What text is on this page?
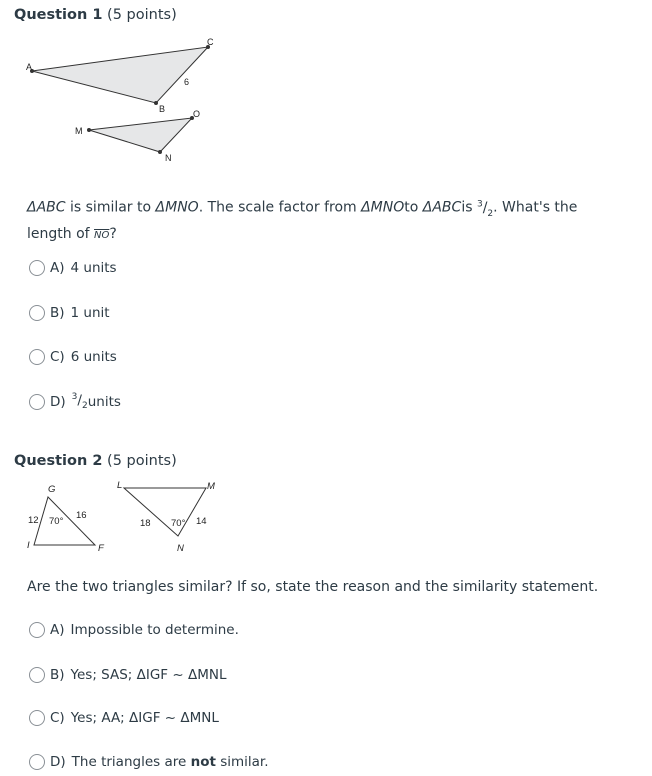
Question 1 (5 points)
A
C
B
6
M
O
N
ΔABC is similar to ΔMNO. The scale factor from ΔMNOto ΔABCis $^3/_2$. What's the
length of $\overline{NO}$?
A) 4 units
B) 1 unit
C) 6 units
D) $^3/_2$ units
Question 2 (5 points)
G
I	F
12 70°
16
L	M
N
18 70° 14
Are the two triangles similar? If so, state the reason and the similarity statement.
A) Impossible to determine.
B) Yes; SAS; ΔIGF ~ ΔMNL
C) Yes; AA; ΔIGF ~ ΔMNL
D) The triangles are not similar.
